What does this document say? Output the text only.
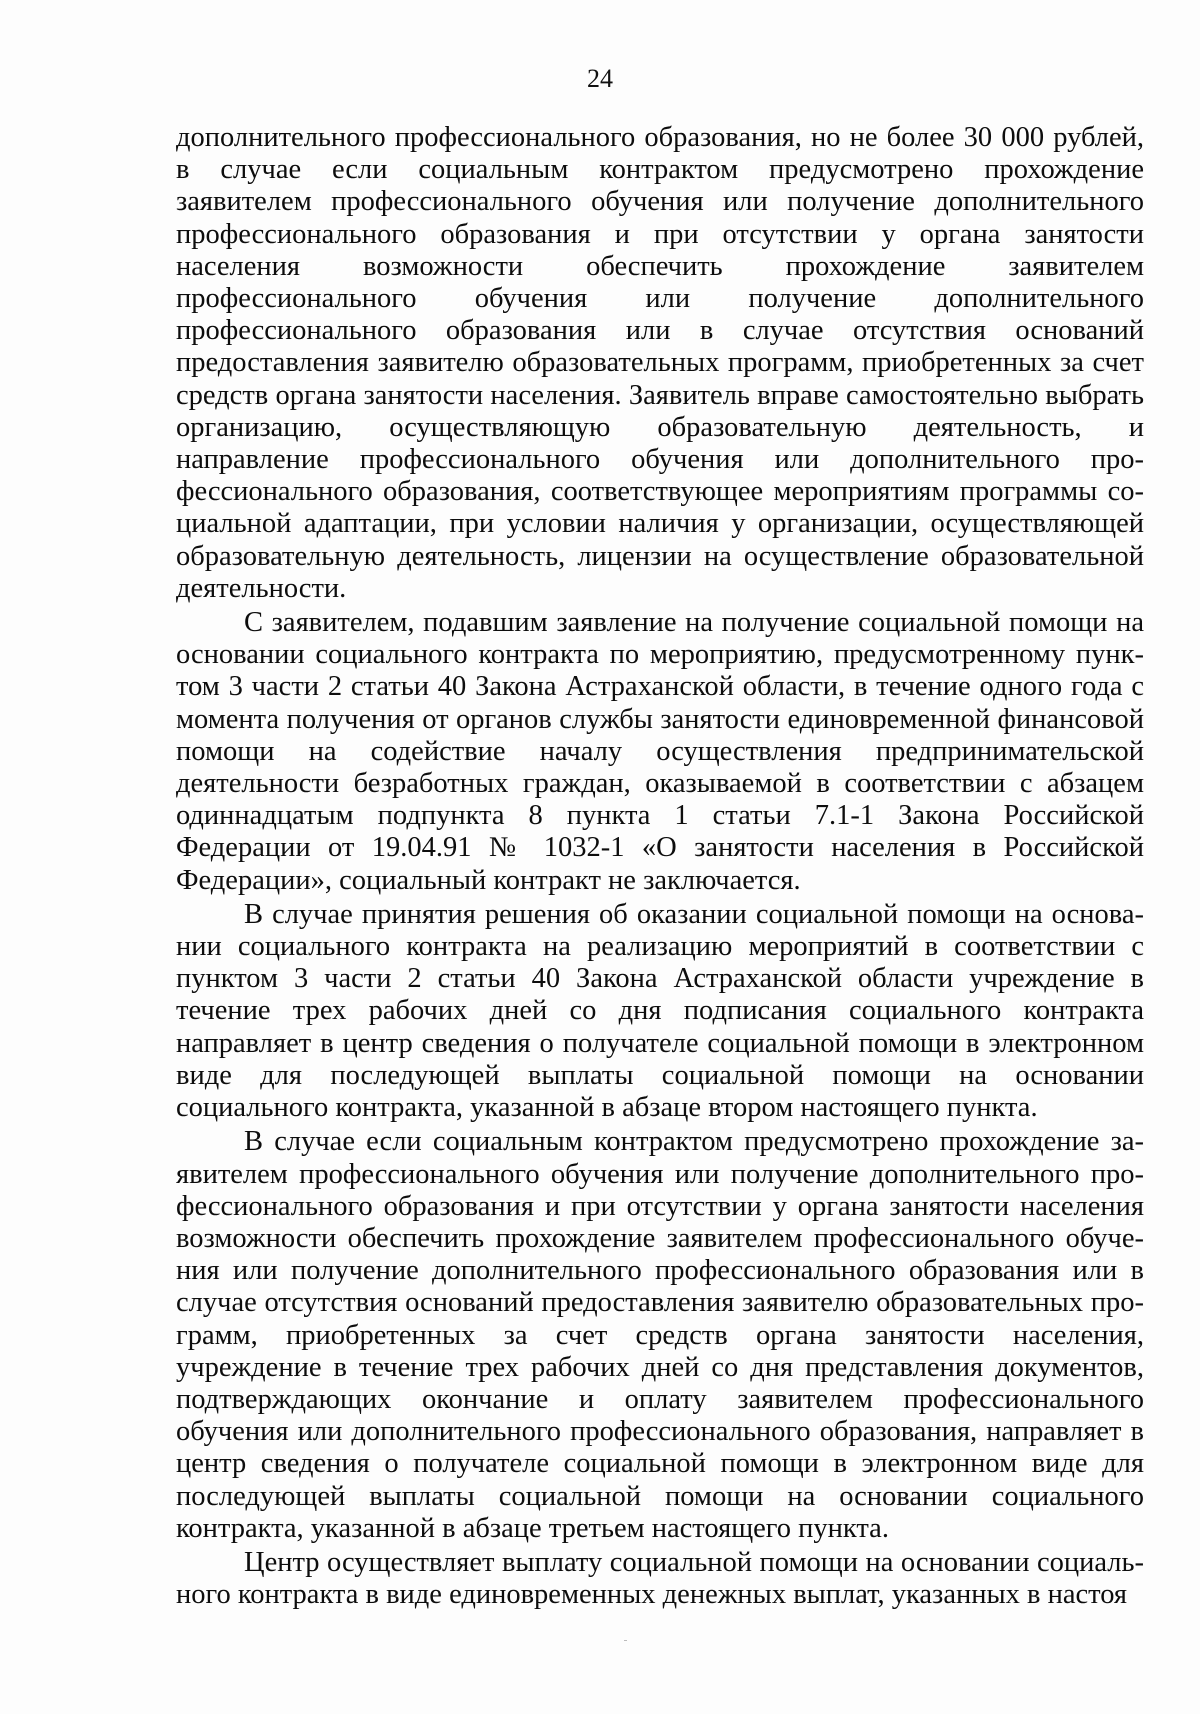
24

дополнительного профессионального образования, но не более 30 000 рублей, в случае если социальным контрактом предусмотрено прохождение заявителем профессионального обучения или получение дополнительного профессионального образования и при отсутствии у органа занятости населения возможности обеспечить прохождение заявителем профессионального обучения или получение дополнительного профессионального образования или в случае отсутствия оснований предоставления заявителю образовательных программ, приобретенных за счет средств органа занятости населения. Заявитель вправе самостоятельно выбрать организацию, осуществляющую образовательную деятельность, и направление профессионального обучения или дополнительного профессионального образования, соответствующее мероприятиям программы социальной адаптации, при условии наличия у организации, осуществляющей образовательную деятельность, лицензии на осуществление образовательной деятельности.

С заявителем, подавшим заявление на получение социальной помощи на основании социального контракта по мероприятию, предусмотренному пунктом 3 части 2 статьи 40 Закона Астраханской области, в течение одного года с момента получения от органов службы занятости единовременной финансовой помощи на содействие началу осуществления предпринимательской деятельности безработных граждан, оказываемой в соответствии с абзацем одиннадцатым подпункта 8 пункта 1 статьи 7.1-1 Закона Российской Федерации от 19.04.91 № 1032-1 «О занятости населения в Российской Федерации», социальный контракт не заключается.

В случае принятия решения об оказании социальной помощи на основании социального контракта на реализацию мероприятий в соответствии с пунктом 3 части 2 статьи 40 Закона Астраханской области учреждение в течение трех рабочих дней со дня подписания социального контракта направляет в центр сведения о получателе социальной помощи в электронном виде для последующей выплаты социальной помощи на основании социального контракта, указанной в абзаце втором настоящего пункта.

В случае если социальным контрактом предусмотрено прохождение заявителем профессионального обучения или получение дополнительного профессионального образования и при отсутствии у органа занятости населения возможности обеспечить прохождение заявителем профессионального обучения или получение дополнительного профессионального образования или в случае отсутствия оснований предоставления заявителю образовательных программ, приобретенных за счет средств органа занятости населения, учреждение в течение трех рабочих дней со дня представления документов, подтверждающих окончание и оплату заявителем профессионального обучения или дополнительного профессионального образования, направляет в центр сведения о получателе социальной помощи в электронном виде для последующей выплаты социальной помощи на основании социального контракта, указанной в абзаце третьем настоящего пункта.

Центр осуществляет выплату социальной помощи на основании социального контракта в виде единовременных денежных выплат, указанных в настоя
